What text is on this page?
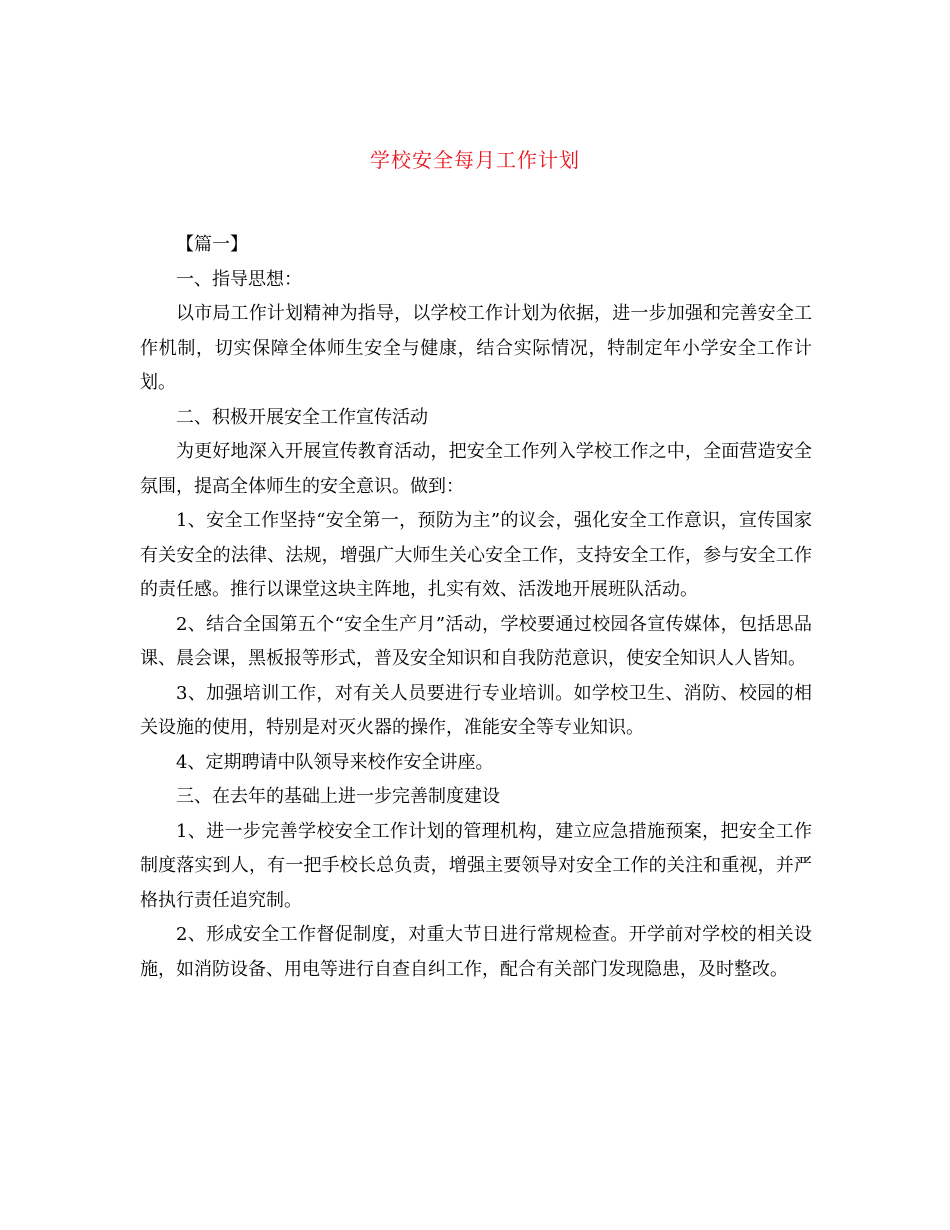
学校安全每月工作计划

【篇一】

一、指导思想：

以市局工作计划精神为指导，以学校工作计划为依据，进一步加强和完善安全工作机制，切实保障全体师生安全与健康，结合实际情况，特制定年小学安全工作计划。

二、积极开展安全工作宣传活动

为更好地深入开展宣传教育活动，把安全工作列入学校工作之中，全面营造安全氛围，提高全体师生的安全意识。做到：

1、安全工作坚持“安全第一，预防为主”的议会，强化安全工作意识，宣传国家有关安全的法律、法规，增强广大师生关心安全工作，支持安全工作，参与安全工作的责任感。推行以课堂这块主阵地，扎实有效、活泼地开展班队活动。

2、结合全国第五个“安全生产月”活动，学校要通过校园各宣传媒体，包括思品课、晨会课，黑板报等形式，普及安全知识和自我防范意识，使安全知识人人皆知。

3、加强培训工作，对有关人员要进行专业培训。如学校卫生、消防、校园的相关设施的使用，特别是对灭火器的操作，准能安全等专业知识。

4、定期聘请中队领导来校作安全讲座。

三、在去年的基础上进一步完善制度建设

1、进一步完善学校安全工作计划的管理机构，建立应急措施预案，把安全工作制度落实到人，有一把手校长总负责，增强主要领导对安全工作的关注和重视，并严格执行责任追究制。

2、形成安全工作督促制度，对重大节日进行常规检查。开学前对学校的相关设施，如消防设备、用电等进行自查自纠工作，配合有关部门发现隐患，及时整改。
